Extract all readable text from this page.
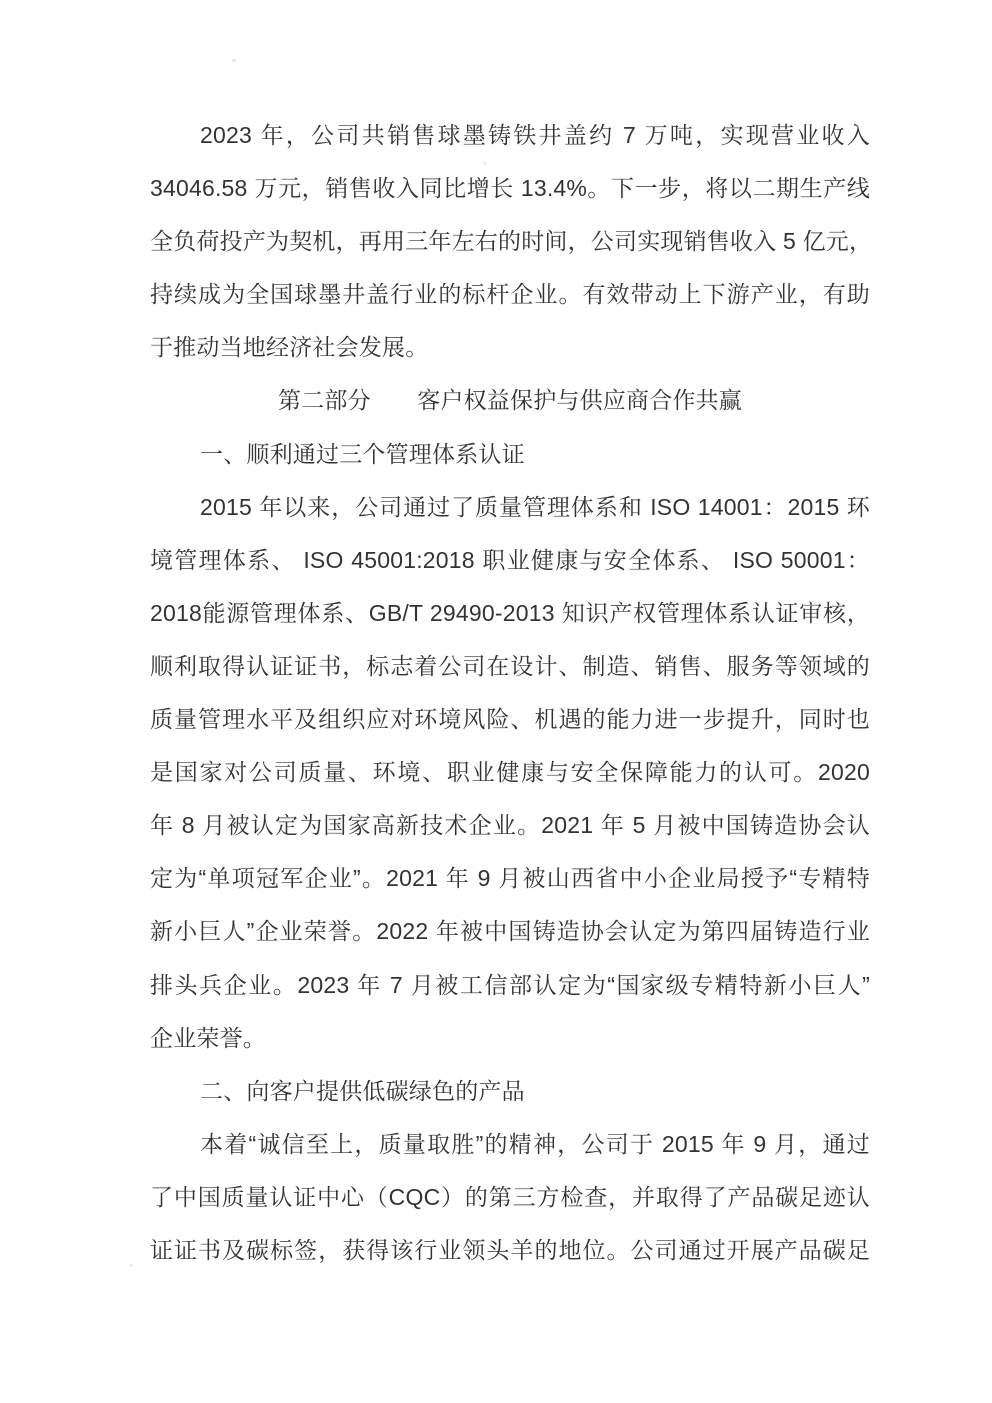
2023 年，公司共销售球墨铸铁井盖约 7 万吨，实现营业收入
34046.58 万元，销售收入同比增长 13.4%。下一步，将以二期生产线
全负荷投产为契机，再用三年左右的时间，公司实现销售收入 5 亿元，
持续成为全国球墨井盖行业的标杆企业。有效带动上下游产业，有助
于推动当地经济社会发展。
第二部分　　客户权益保护与供应商合作共赢
一、顺利通过三个管理体系认证
2015 年以来，公司通过了质量管理体系和 ISO 14001：2015 环
境管理体系、 ISO 45001:2018 职业健康与安全体系、 ISO 50001：
2018能源管理体系、GB/T 29490-2013 知识产权管理体系认证审核，
顺利取得认证证书，标志着公司在设计、制造、销售、服务等领域的
质量管理水平及组织应对环境风险、机遇的能力进一步提升，同时也
是国家对公司质量、环境、职业健康与安全保障能力的认可。2020
年 8 月被认定为国家高新技术企业。2021 年 5 月被中国铸造协会认
定为“单项冠军企业”。2021 年 9 月被山西省中小企业局授予“专精特
新小巨人”企业荣誉。2022 年被中国铸造协会认定为第四届铸造行业
排头兵企业。2023 年 7 月被工信部认定为“国家级专精特新小巨人”
企业荣誉。
二、向客户提供低碳绿色的产品
本着“诚信至上，质量取胜”的精神，公司于 2015 年 9 月，通过
了中国质量认证中心（CQC）的第三方检查，并取得了产品碳足迹认
证证书及碳标签，获得该行业领头羊的地位。公司通过开展产品碳足
